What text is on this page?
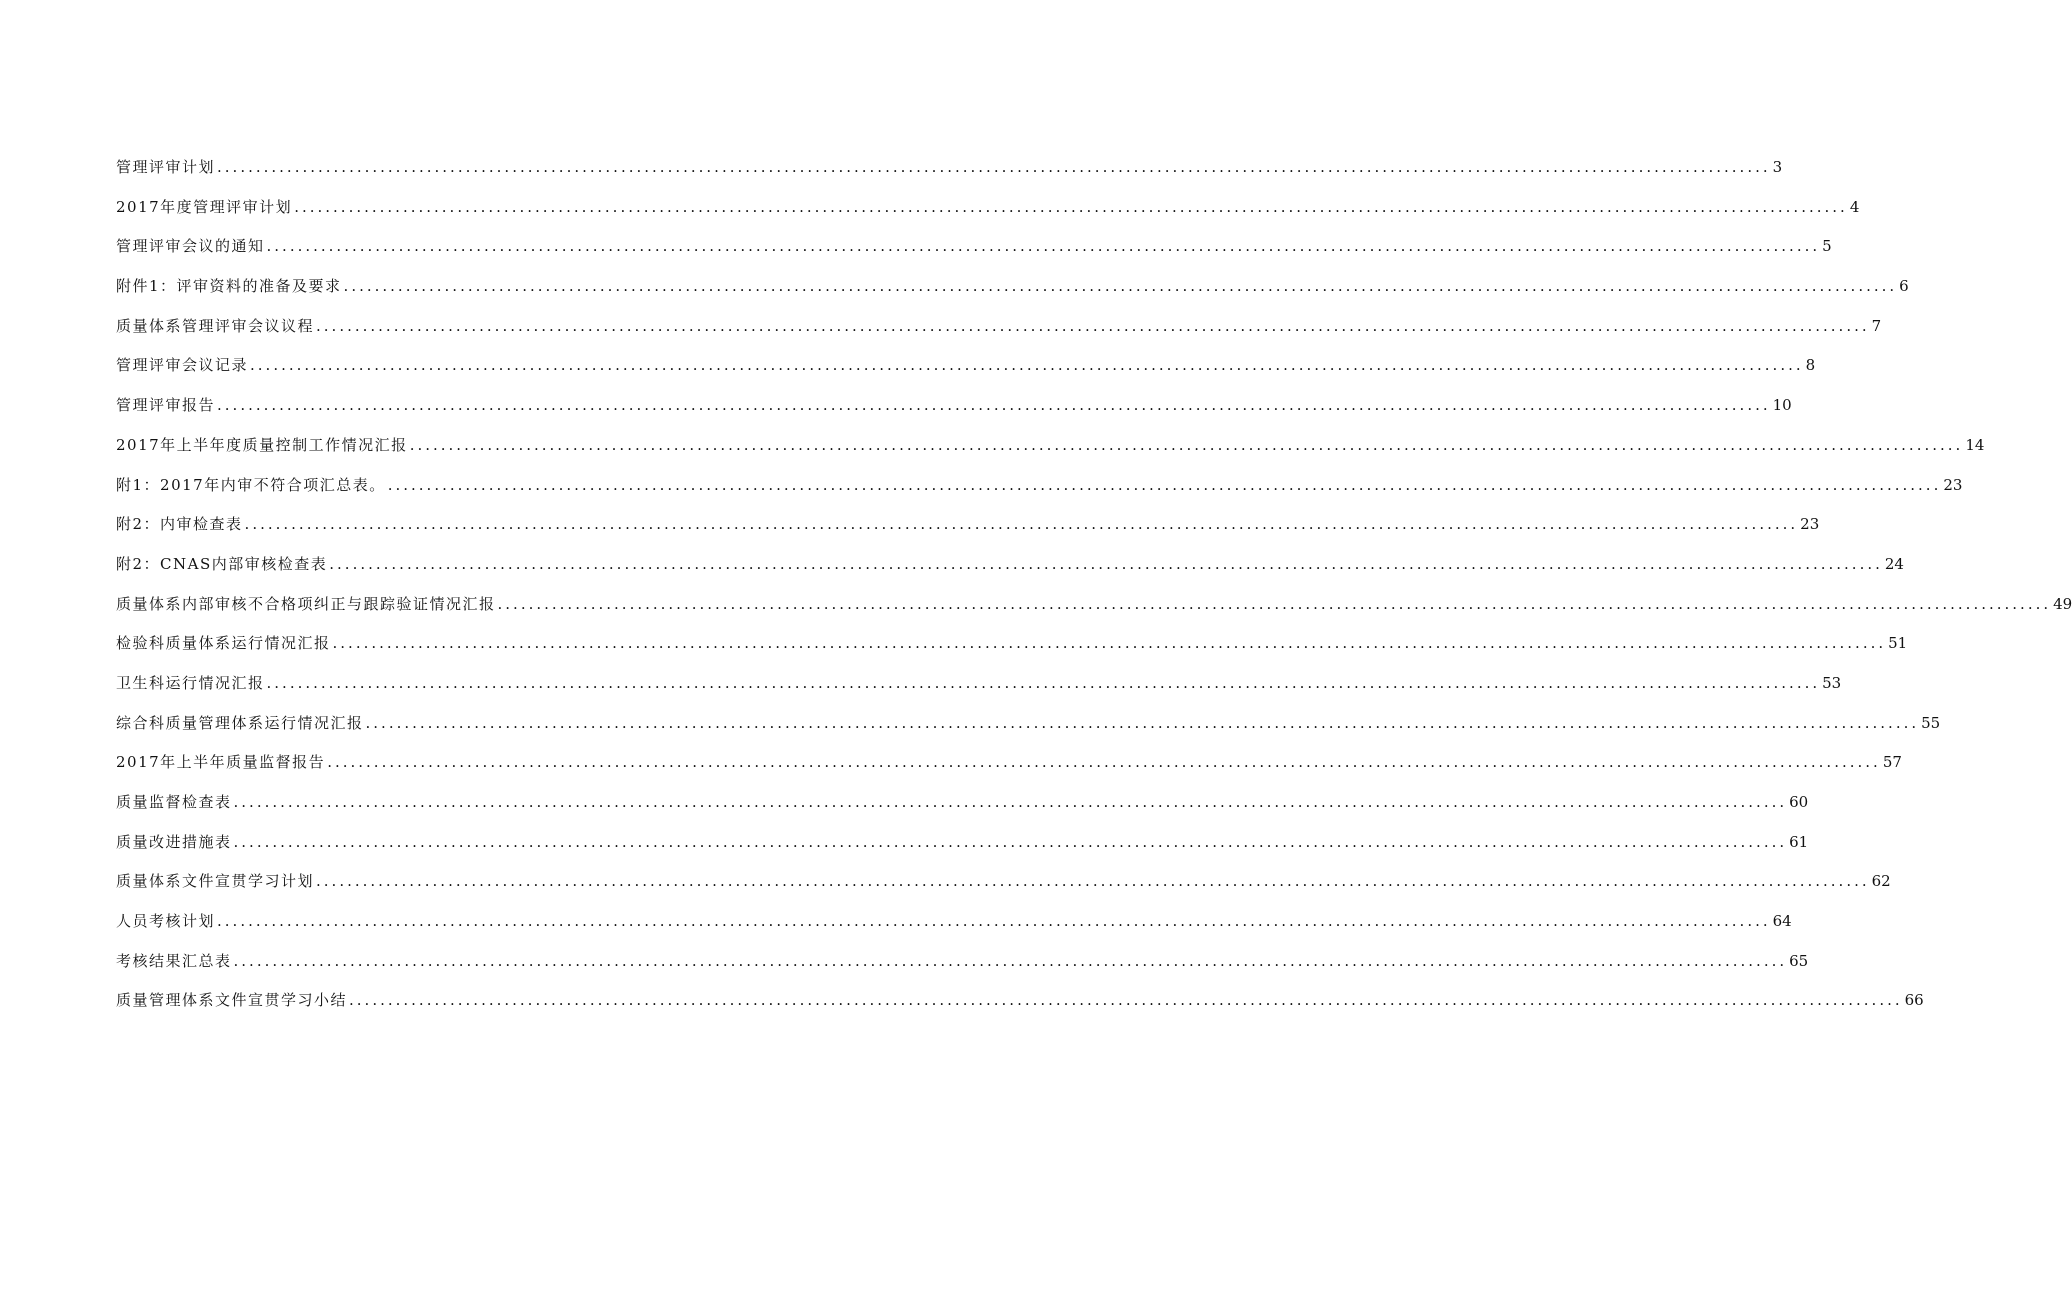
管理评审计划 ........................................................................................................................................................................................................ 3
2017年度管理评审计划 ........................................................................................................................................................................................................ 4
管理评审会议的通知 ........................................................................................................................................................................................................ 5
附件1：评审资料的准备及要求 ........................................................................................................................................................................................................ 6
质量体系管理评审会议议程 ........................................................................................................................................................................................................ 7
管理评审会议记录 ........................................................................................................................................................................................................ 8
管理评审报告 ........................................................................................................................................................................................................ 10
2017年上半年度质量控制工作情况汇报 ........................................................................................................................................................................................................ 14
附1：2017年内审不符合项汇总表。 ........................................................................................................................................................................................................ 23
附2：内审检查表 ........................................................................................................................................................................................................ 23
附2：CNAS内部审核检查表 ........................................................................................................................................................................................................ 24
质量体系内部审核不合格项纠正与跟踪验证情况汇报 ........................................................................................................................................................................................................ 49
检验科质量体系运行情况汇报 ........................................................................................................................................................................................................ 51
卫生科运行情况汇报 ........................................................................................................................................................................................................ 53
综合科质量管理体系运行情况汇报 ........................................................................................................................................................................................................ 55
2017年上半年质量监督报告 ........................................................................................................................................................................................................ 57
质量监督检查表 ........................................................................................................................................................................................................ 60
质量改进措施表 ........................................................................................................................................................................................................ 61
质量体系文件宣贯学习计划 ........................................................................................................................................................................................................ 62
人员考核计划 ........................................................................................................................................................................................................ 64
考核结果汇总表 ........................................................................................................................................................................................................ 65
质量管理体系文件宣贯学习小结 ........................................................................................................................................................................................................ 66
